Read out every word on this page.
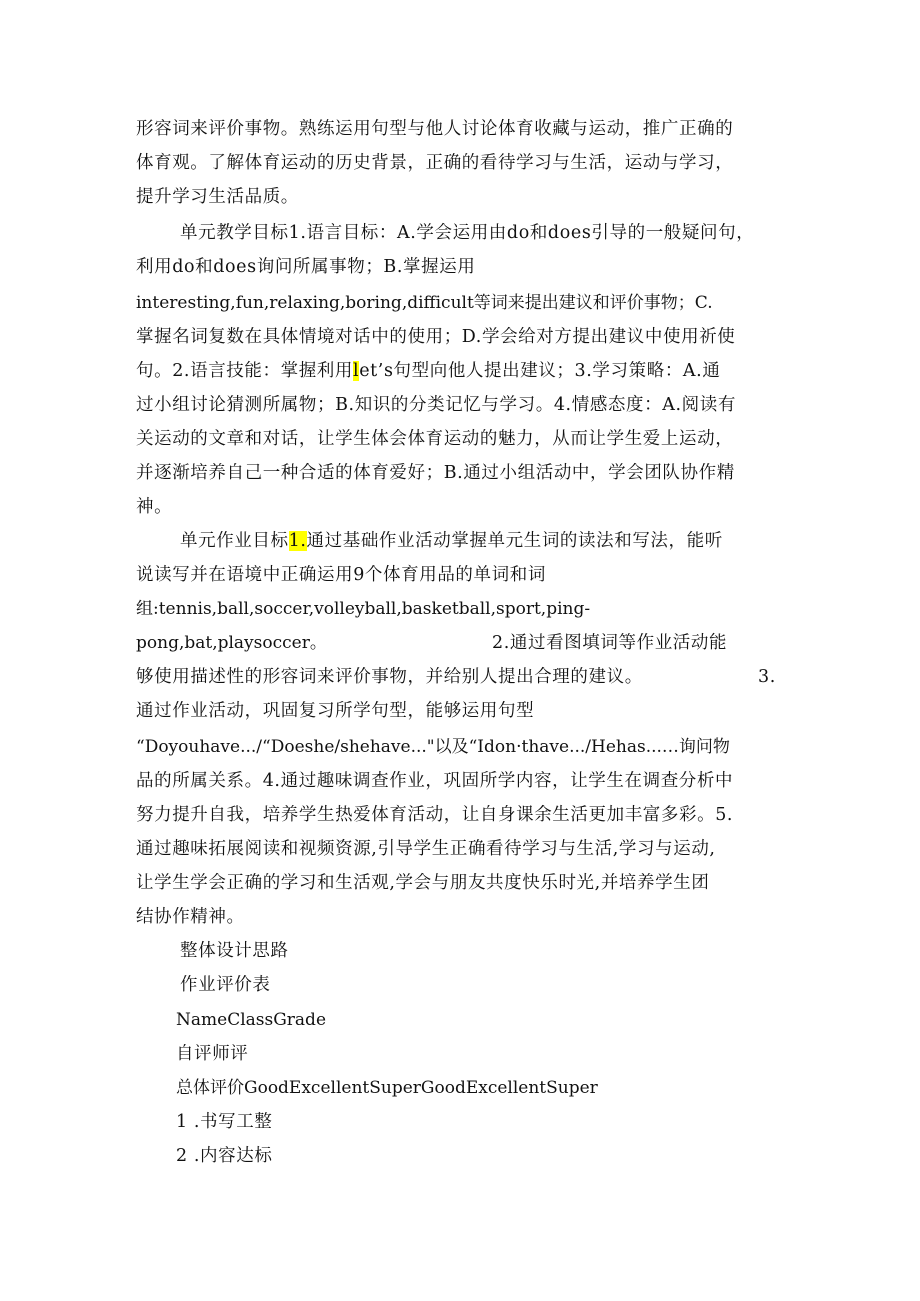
形容词来评价事物。熟练运用句型与他人讨论体育收藏与运动，推广正确的
体育观。了解体育运动的历史背景，正确的看待学习与生活，运动与学习，
提升学习生活品质。
单元教学目标1.语言目标：A.学会运用由do和does引导的一般疑问句，
利用do和does询问所属事物；B.掌握运用
interesting,fun,relaxing,boring,difficult等词来提出建议和评价事物；C.
掌握名词复数在具体情境对话中的使用；D.学会给对方提出建议中使用祈使
句。2.语言技能：掌握利用let’s句型向他人提出建议；3.学习策略：A.通
过小组讨论猜测所属物；B.知识的分类记忆与学习。4.情感态度：A.阅读有
关运动的文章和对话，让学生体会体育运动的魅力，从而让学生爱上运动，
并逐渐培养自己一种合适的体育爱好；B.通过小组活动中，学会团队协作精
神。
单元作业目标1.通过基础作业活动掌握单元生词的读法和写法，能听
说读写并在语境中正确运用9个体育用品的单词和词
组:tennis,ball,soccer,volleyball,basketball,sport,ping-
pong,bat,playsoccer。	2.通过看图填词等作业活动能
够使用描述性的形容词来评价事物，并给别人提出合理的建议。	3.
通过作业活动，巩固复习所学句型，能够运用句型
“Doyouhave.../“Doeshe/shehave..."以及“Idon·thave.../Hehas...…询问物
品的所属关系。4.通过趣味调查作业，巩固所学内容，让学生在调查分析中
努力提升自我，培养学生热爱体育活动，让自身课余生活更加丰富多彩。5.
通过趣味拓展阅读和视频资源,引导学生正确看待学习与生活,学习与运动,
让学生学会正确的学习和生活观,学会与朋友共度快乐时光,并培养学生团
结协作精神。
整体设计思路
作业评价表
NameClassGrade
自评师评
总体评价GoodExcellentSuperGoodExcellentSuper
1 .书写工整
2 .内容达标
